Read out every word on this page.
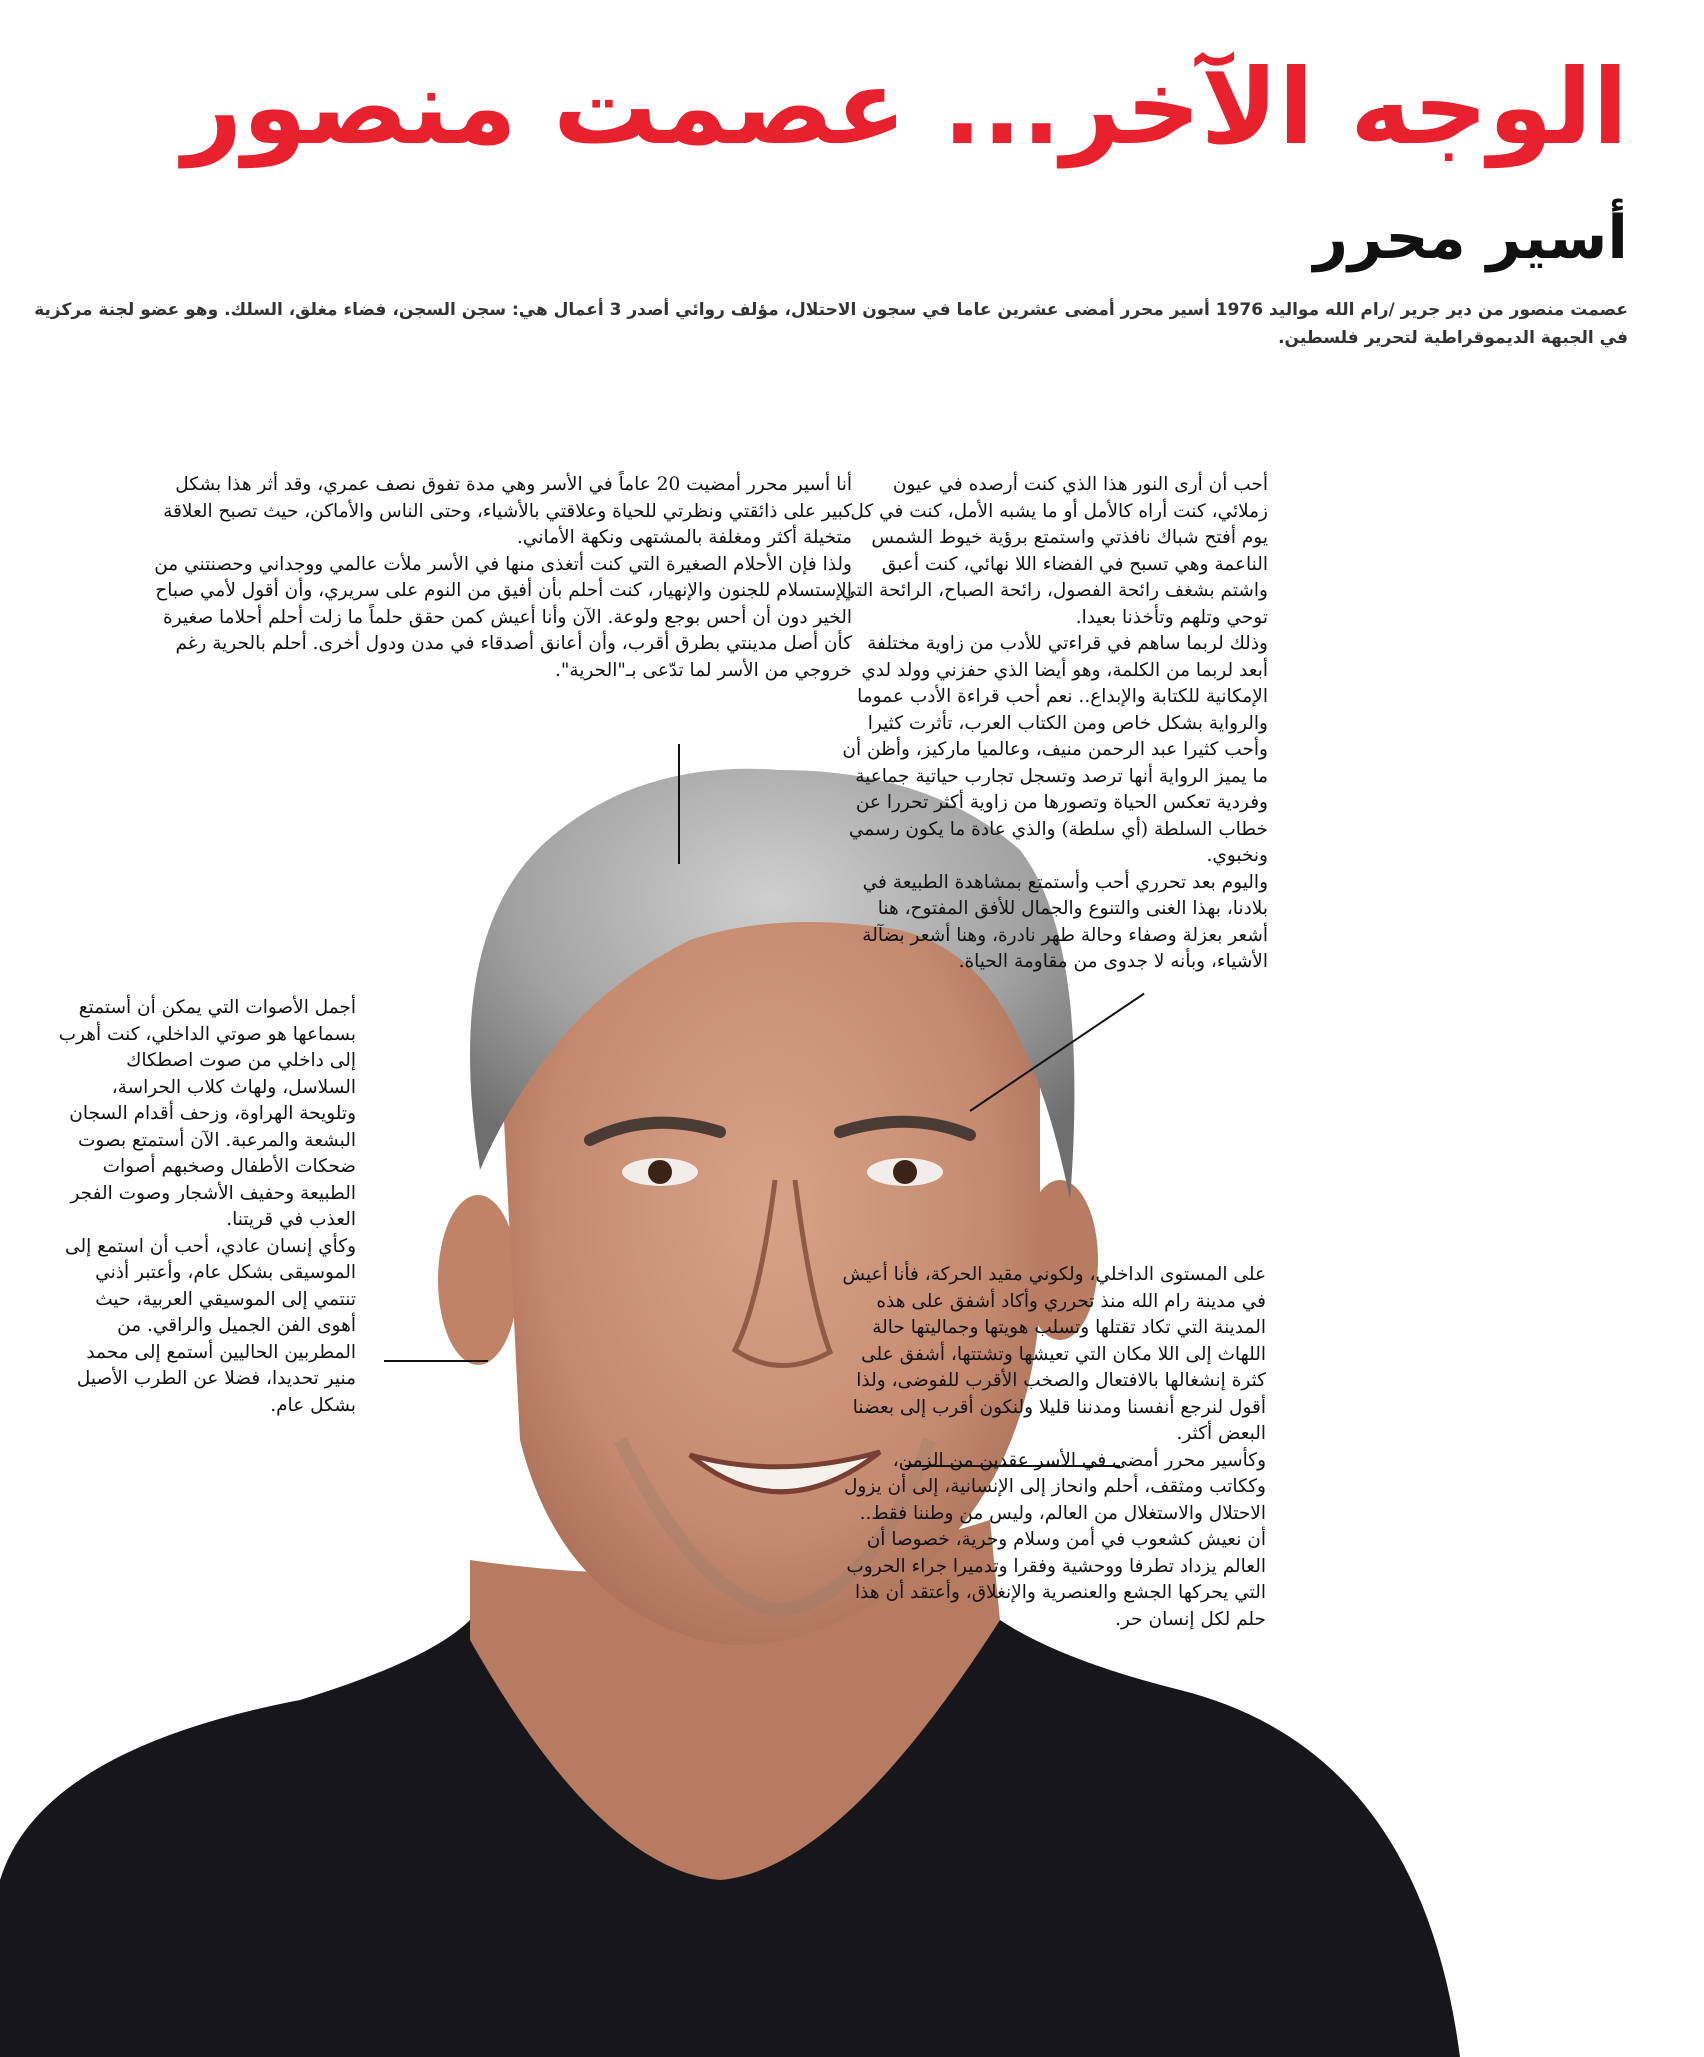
الوجه الآخر... عصمت منصور
أسير محرر
عصمت منصور من دير جرير /رام الله مواليد 1976 أسير محرر أمضى عشرين عاما في سجون الاحتلال، مؤلف روائي أصدر 3 أعمال هي: سجن السجن، فضاء مغلق، السلك. وهو عضو لجنة مركزية في الجبهة الديموقراطية لتحرير فلسطين.

أنا أسير محرر أمضيت 20 عاماً في الأسر وهي مدة تفوق نصف عمري، وقد أثر هذا بشكل كبير على ذائقتي ونظرتي للحياة وعلاقتي بالأشياء، وحتى الناس والأماكن، حيث تصبح العلاقة متخيلة أكثر ومغلفة بالمشتهى ونكهة الأماني.

ولذا فإن الأحلام الصغيرة التي كنت أتغذى منها في الأسر ملأت عالمي ووجداني وحصنتني من الإستسلام للجنون والإنهيار، كنت أحلم بأن أفيق من النوم على سريري، وأن أقول لأمي صباح الخير دون أن أحس بوجع ولوعة. الآن وأنا أعيش كمن حقق حلماً ما زلت أحلم أحلاما صغيرة كأن أصل مدينتي بطرق أقرب، وأن أعانق أصدقاء في مدن ودول أخرى. أحلم بالحرية رغم خروجي من الأسر لما تدّعى بـ"الحرية".

أحب أن أرى النور هذا الذي كنت أرصده في عيون زملائي، كنت أراه كالأمل أو ما يشبه الأمل، كنت في كل يوم أفتح شباك نافذتي واستمتع برؤية خيوط الشمس الناعمة وهي تسبح في الفضاء اللا نهائي، كنت أعبق واشتم بشغف رائحة الفصول، رائحة الصباح، الرائحة التي توحي وتلهم وتأخذنا بعيدا.

وذلك لربما ساهم في قراءتي للأدب من زاوية مختلفة أبعد لربما من الكلمة، وهو أيضا الذي حفزني وولد لدي الإمكانية للكتابة والإبداع.. نعم أحب قراءة الأدب عموما والرواية بشكل خاص ومن الكتاب العرب، تأثرت كثيرا وأحب كثيرا عبد الرحمن منيف، وعالميا ماركيز، وأظن أن ما يميز الرواية أنها ترصد وتسجل تجارب حياتية جماعية وفردية تعكس الحياة وتصورها من زاوية أكثر تحررا عن خطاب السلطة (أي سلطة) والذي عادة ما يكون رسمي ونخبوي.

واليوم بعد تحرري أحب وأستمتع بمشاهدة الطبيعة في بلادنا، بهذا الغنى والتنوع والجمال للأفق المفتوح، هنا أشعر بعزلة وصفاء وحالة طهر نادرة، وهنا أشعر بضآلة الأشياء، وبأنه لا جدوى من مقاومة الحياة.

أجمل الأصوات التي يمكن أن أستمتع بسماعها هو صوتي الداخلي، كنت أهرب إلى داخلي من صوت اصطكاك السلاسل، ولهاث كلاب الحراسة، وتلويحة الهراوة، وزحف أقدام السجان البشعة والمرعبة. الآن أستمتع بصوت ضحكات الأطفال وصخبهم أصوات الطبيعة وحفيف الأشجار وصوت الفجر العذب في قريتنا.

وكأي إنسان عادي، أحب أن استمع إلى الموسيقى بشكل عام، وأعتبر أذني تنتمي إلى الموسيقي العربية، حيث أهوى الفن الجميل والراقي. من المطربين الحاليين أستمع إلى محمد منير تحديدا، فضلا عن الطرب الأصيل بشكل عام.

على المستوى الداخلي، ولكوني مقيد الحركة، فأنا أعيش في مدينة رام الله منذ تحرري وأكاد أشفق على هذه المدينة التي تكاد تقتلها وتسلب هويتها وجماليتها حالة اللهاث إلى اللا مكان التي تعيشها وتشتتها، أشفق على كثرة إنشغالها بالافتعال والصخب الأقرب للفوضى، ولذا أقول لنرجع أنفسنا ومدننا قليلا ولنكون أقرب إلى بعضنا البعض أكثر.

وكأسير محرر أمضى في الأسر عقدين من الزمن، وككاتب ومثقف، أحلم وانحاز إلى الإنسانية، إلى أن يزول الاحتلال والاستغلال من العالم، وليس من وطننا فقط.. أن نعيش كشعوب في أمن وسلام وحرية، خصوصا أن العالم يزداد تطرفا ووحشية وفقرا وتدميرا جراء الحروب التي يحركها الجشع والعنصرية والإنغلاق، وأعتقد أن هذا حلم لكل إنسان حر.
